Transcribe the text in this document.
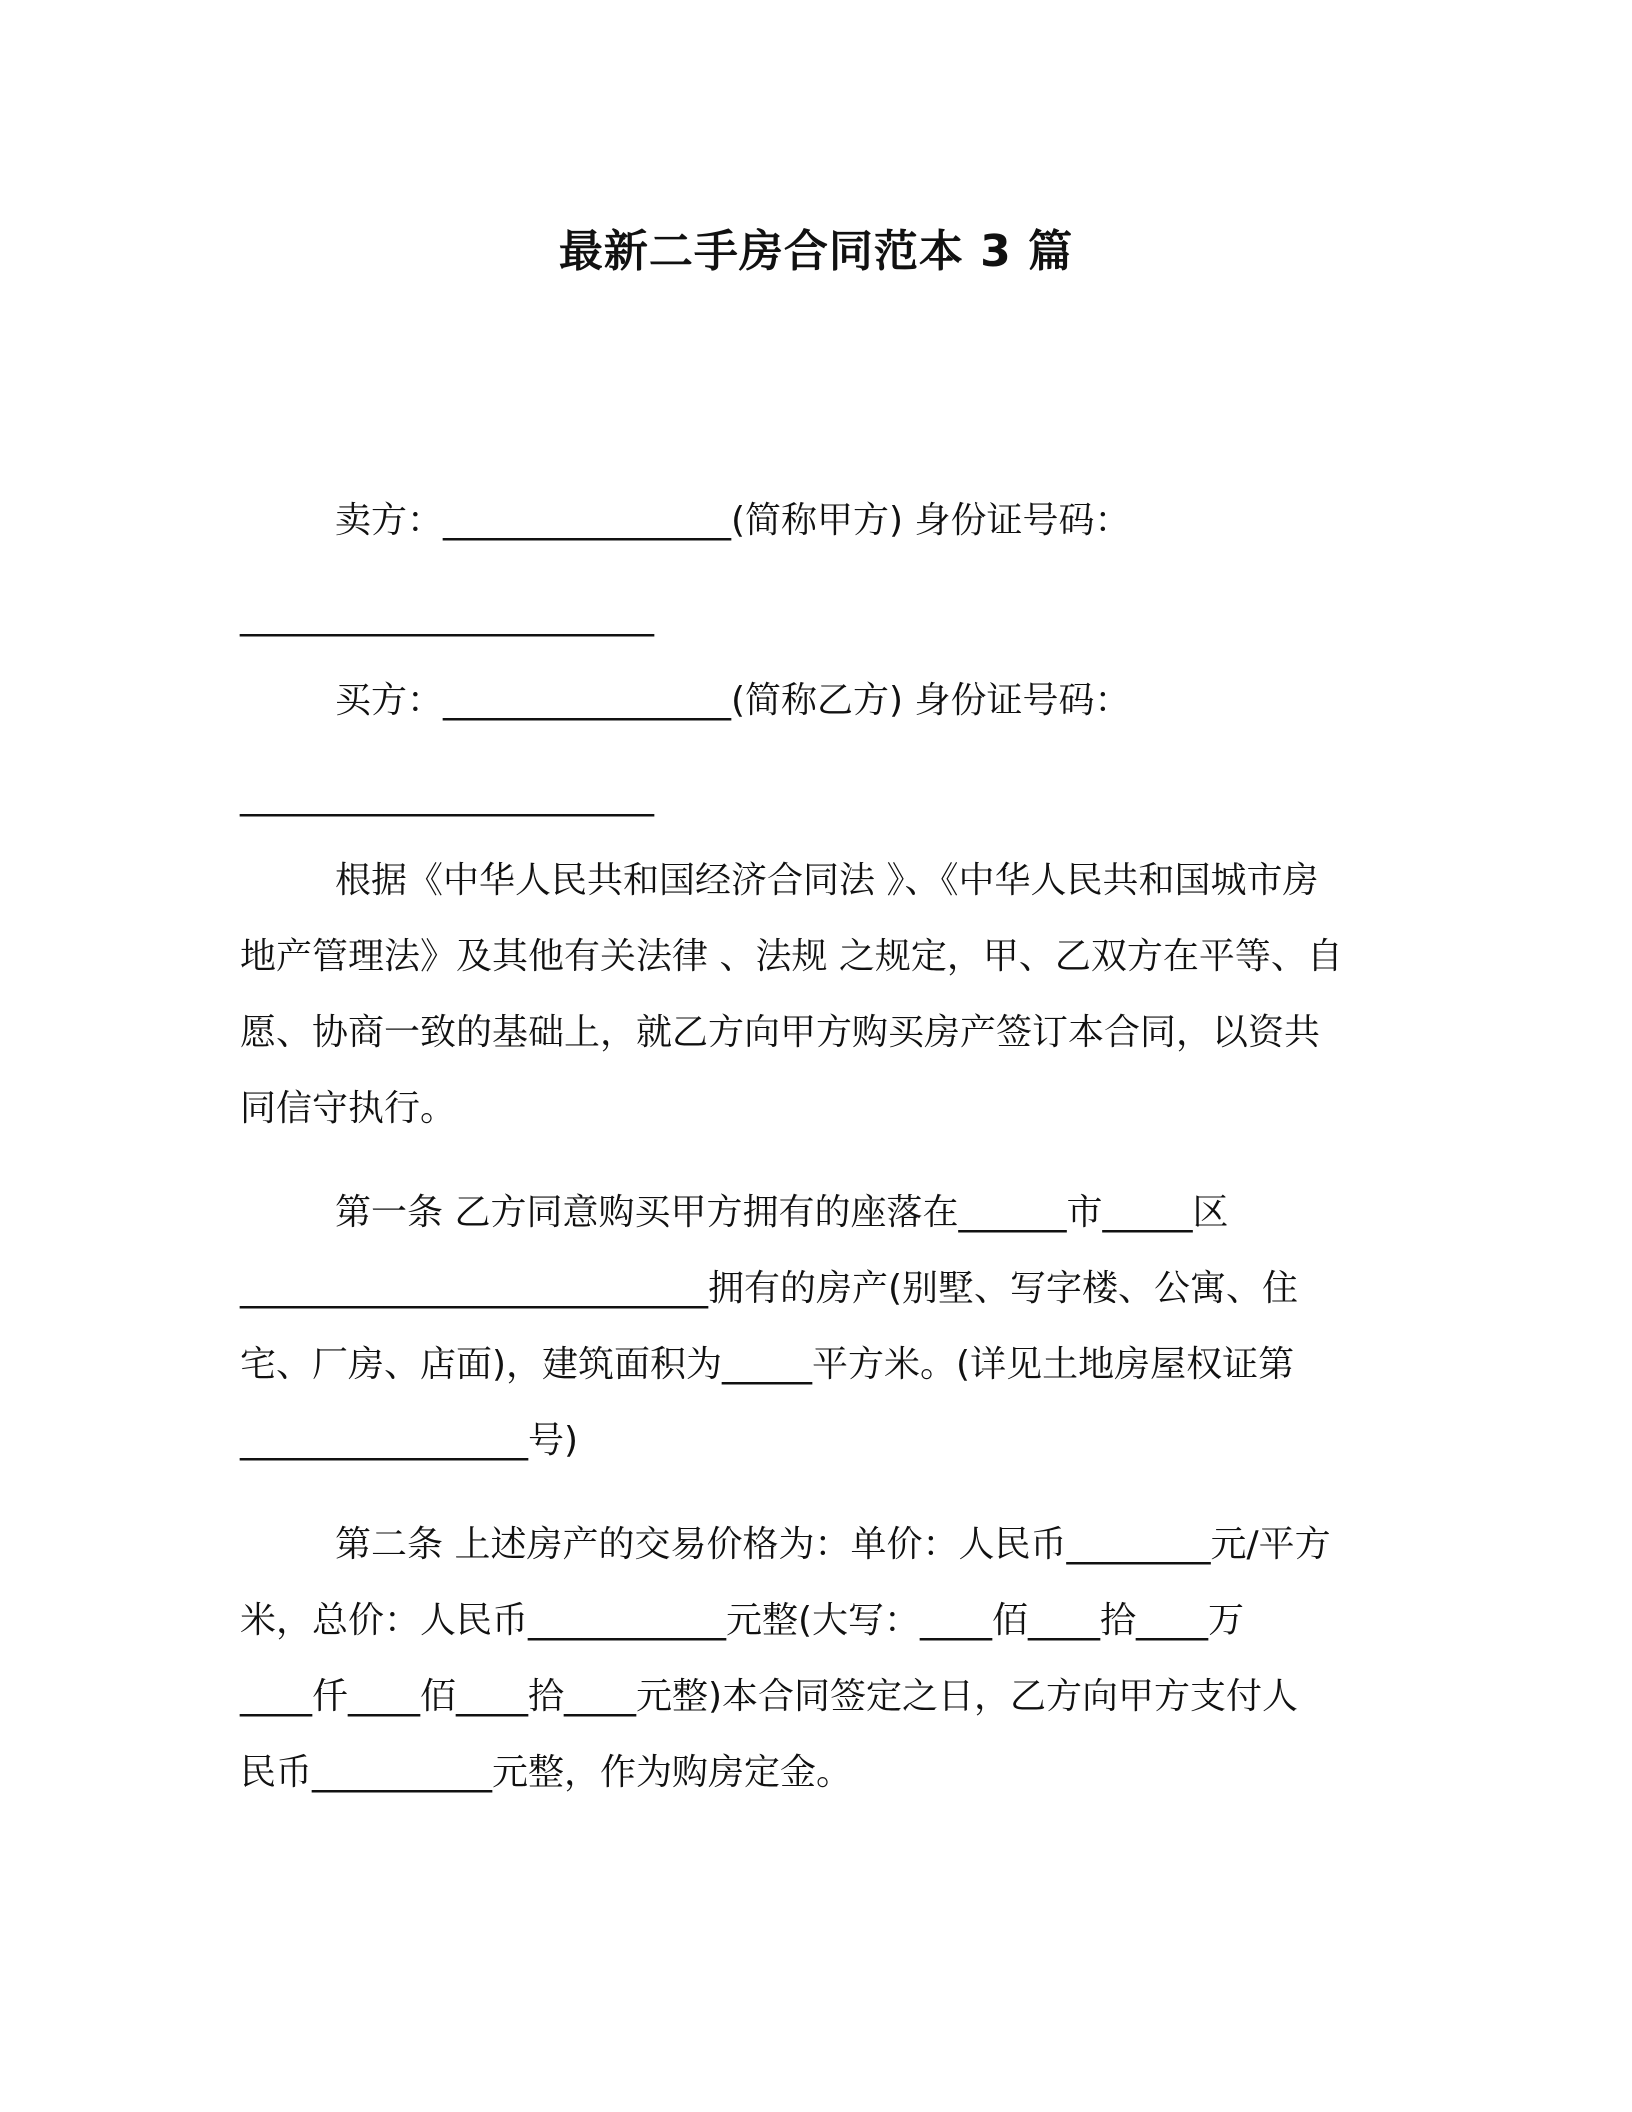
最新二手房合同范本 3 篇
卖方：________________(简称甲方) 身份证号码：
_______________________
买方：________________(简称乙方) 身份证号码：
_______________________
根据《中华人民共和国经济合同法 》、《中华人民共和国城市房
地产管理法》及其他有关法律 、法规 之规定，甲、乙双方在平等、自
愿、协商一致的基础上，就乙方向甲方购买房产签订本合同，以资共
同信守执行。
第一条 乙方同意购买甲方拥有的座落在______市_____区
__________________________拥有的房产(别墅、写字楼、公寓、住
宅、厂房、店面)，建筑面积为_____平方米。(详见土地房屋权证第
________________号)
第二条 上述房产的交易价格为：单价：人民币________元/平方
米，总价：人民币___________元整(大写：____佰____拾____万
____仟____佰____拾____元整)本合同签定之日，乙方向甲方支付人
民币__________元整，作为购房定金。
